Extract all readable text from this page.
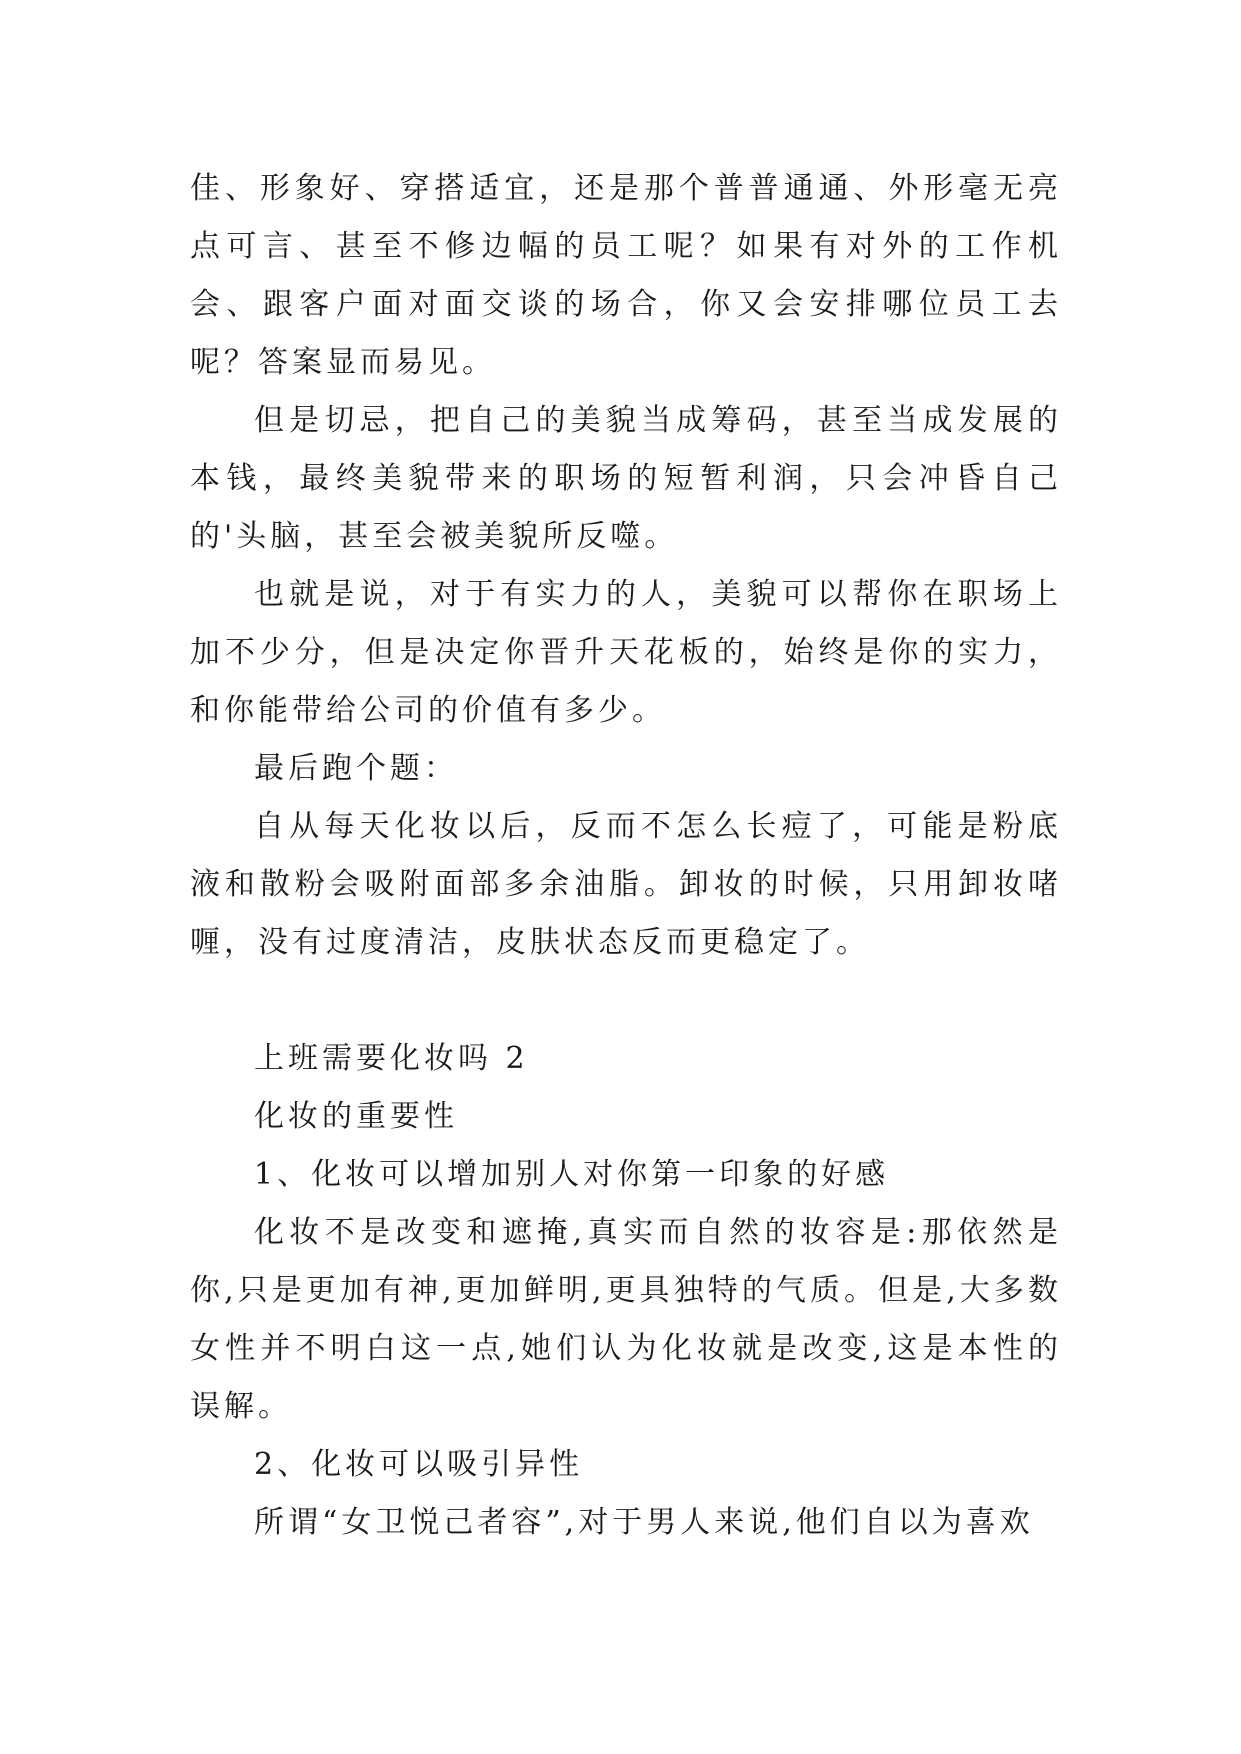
佳、形象好、穿搭适宜，还是那个普普通通、外形毫无亮点可言、甚至不修边幅的员工呢？如果有对外的工作机会、跟客户面对面交谈的场合，你又会安排哪位员工去呢？答案显而易见。

但是切忌，把自己的美貌当成筹码，甚至当成发展的本钱，最终美貌带来的职场的短暂利润，只会冲昏自己的'头脑，甚至会被美貌所反噬。

也就是说，对于有实力的人，美貌可以帮你在职场上加不少分，但是决定你晋升天花板的，始终是你的实力，和你能带给公司的价值有多少。

最后跑个题：

自从每天化妆以后，反而不怎么长痘了，可能是粉底液和散粉会吸附面部多余油脂。卸妆的时候，只用卸妆啫喱，没有过度清洁，皮肤状态反而更稳定了。

上班需要化妆吗 2

化妆的重要性

1、化妆可以增加别人对你第一印象的好感

化妆不是改变和遮掩,真实而自然的妆容是:那依然是你,只是更加有神,更加鲜明,更具独特的气质。但是,大多数女性并不明白这一点,她们认为化妆就是改变,这是本性的误解。

2、化妆可以吸引异性

所谓“女卫悦己者容”,对于男人来说,他们自以为喜欢
